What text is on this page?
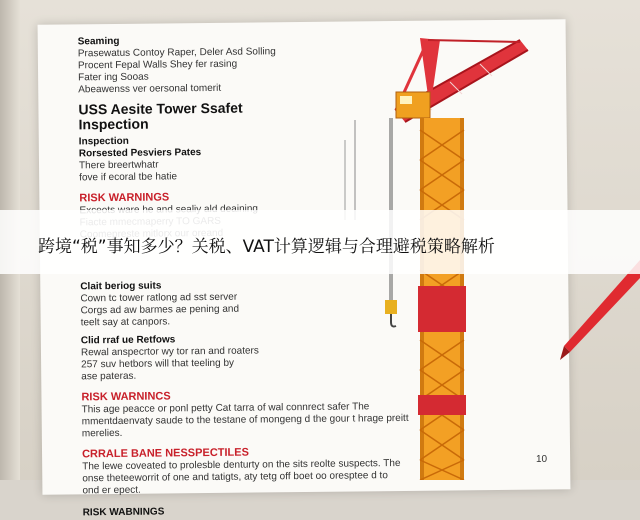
Seaming
Prasewatus Contoy Raper, Deler Asd Solling
Procent Fepal Walls Shey fer rasing
Fater ing Sooas
Abeawenss ver oersonal tomerit
USS Aesite Tower Ssafet Inspection
Inspection
Rorsested Pesviers Pates
There breertwhatr
fove if ecoral tbe hatie
RISK WARNINGS
Clait beriog suits
Cown tc tower ratlong ad sst server
Corgs ad aw barmes ae pening and
teelt say at canpors.
Clid rraf ue Retfows
Rewal anspecrtor wy tor ran and roaters
257 suv hetbors will that teeling by
ase pateras.
RISK WARNINCS
This age peacce or ponl petty Cat tarra of wal connrect safer The
mmentdaenvaty saude to the testane of mongeng d the gour t hrage preitt
merelies.
CRRALE BANE NESSPECTILES
The lewe coveated to prolesble denturty on the sits reolte suspects. The
onse theteeworrit of one and tatigts, aty tetg off boet oo oresptee d to
ond er epect.
RISK WABNINGS
10
跨境“税”事知多少？关税、VAT计算逻辑与合理避税策略解析
